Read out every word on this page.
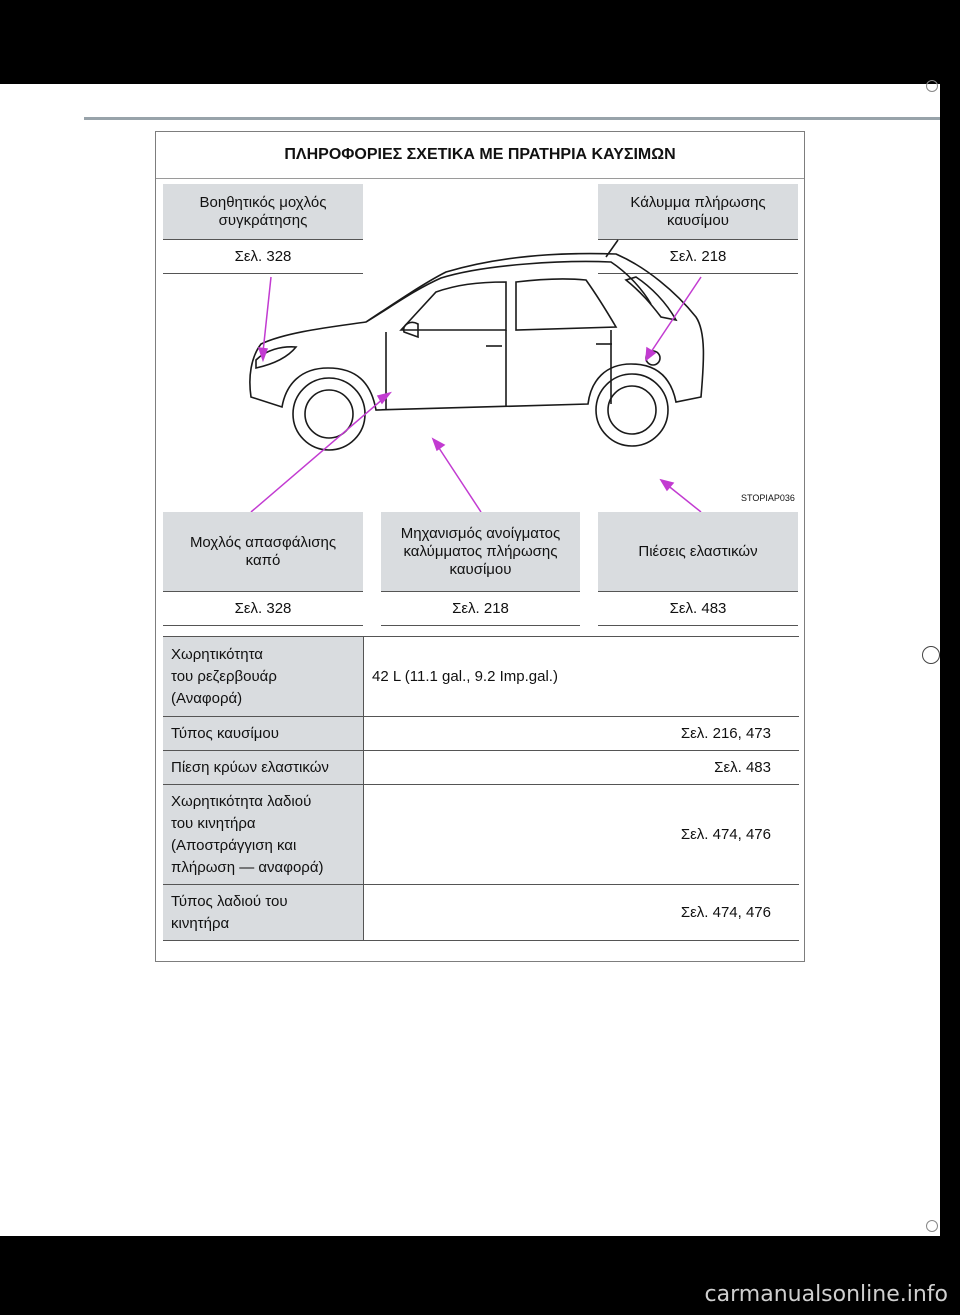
ΠΛΗΡΟΦΟΡΙΕΣ ΣΧΕΤΙΚΑ ΜΕ ΠΡΑΤΗΡΙΑ ΚΑΥΣΙΜΩΝ
Βοηθητικός μοχλός
συγκράτησης
Σελ. 328
Κάλυμμα πλήρωσης
καυσίμου
Σελ. 218
STOPIAP036
Μοχλός απασφάλισης
καπό
Σελ. 328
Μηχανισμός ανοίγματος
καλύμματος πλήρωσης
καυσίμου
Σελ. 218
Πιέσεις ελαστικών
Σελ. 483
Χωρητικότητα
του ρεζερβουάρ
(Αναφορά)	42 L (11.1 gal., 9.2 Imp.gal.)
Τύπος καυσίμου	Σελ. 216, 473
Πίεση κρύων ελαστικών	Σελ. 483
Χωρητικότητα λαδιού
του κινητήρα
(Αποστράγγιση και
πλήρωση — αναφορά)	Σελ. 474, 476
Τύπος λαδιού του
κινητήρα	Σελ. 474, 476
carmanualsonline.info
